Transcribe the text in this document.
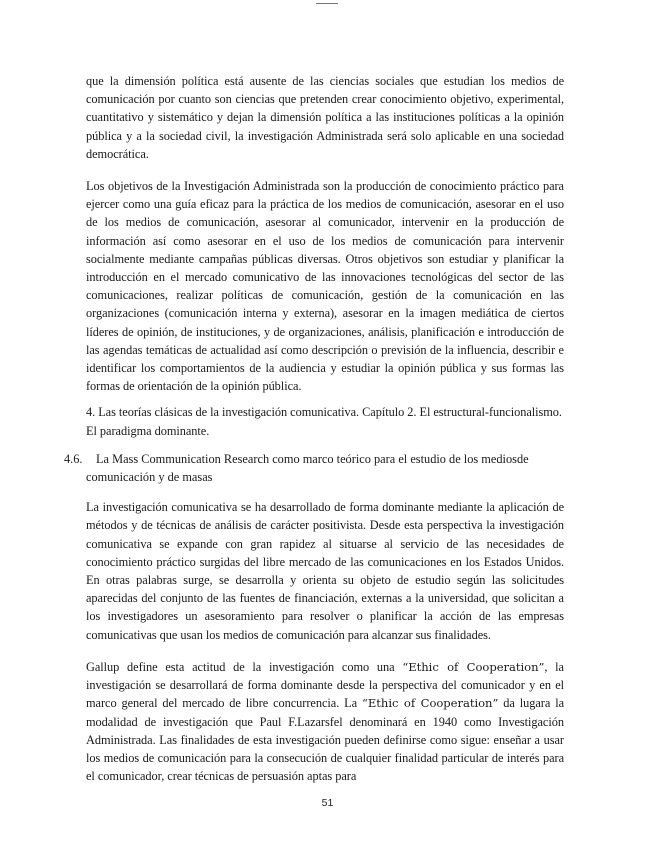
que la dimensión política está ausente de las ciencias sociales que estudian los medios de comunicación por cuanto son ciencias que pretenden crear conocimiento objetivo, experimental, cuantitativo y sistemático y dejan la dimensión política a las instituciones políticas a la opinión pública y a la sociedad civil, la investigación Administrada será solo aplicable en una sociedad democrática.

Los objetivos de la Investigación Administrada son la producción de conocimiento práctico para ejercer como una guía eficaz para la práctica de los medios de comunicación, asesorar en el uso de los medios de comunicación, asesorar al comunicador, intervenir en la producción de información así como asesorar en el uso de los medios de comunicación para intervenir socialmente mediante campañas públicas diversas. Otros objetivos son estudiar y planificar la introducción en el mercado comunicativo de las innovaciones tecnológicas del sector de las comunicaciones, realizar políticas de comunicación, gestión de la comunicación en las organizaciones (comunicación interna y externa), asesorar en la imagen mediática de ciertos líderes de opinión, de instituciones, y de organizaciones, análisis, planificación e introducción de las agendas temáticas de actualidad así como descripción o previsión de la influencia, describir e identificar los comportamientos de la audiencia y estudiar la opinión pública y sus formas las formas de orientación de la opinión pública.

4. Las teorías clásicas de la investigación comunicativa. Capítulo 2. El estructural-funcionalismo. El paradigma dominante.

4.6. La Mass Communication Research como marco teórico para el estudio de los mediosde comunicación y de masas

La investigación comunicativa se ha desarrollado de forma dominante mediante la aplicación de métodos y de técnicas de análisis de carácter positivista. Desde esta perspectiva la investigación comunicativa se expande con gran rapidez al situarse al servicio de las necesidades de conocimiento práctico surgidas del libre mercado de las comunicaciones en los Estados Unidos. En otras palabras surge, se desarrolla y orienta su objeto de estudio según las solicitudes aparecidas del conjunto de las fuentes de financiación, externas a la universidad, que solicitan a los investigadores un asesoramiento para resolver o planificar la acción de las empresas comunicativas que usan los medios de comunicación para alcanzar sus finalidades.

Gallup define esta actitud de la investigación como una “Ethic of Cooperation”, la investigación se desarrollará de forma dominante desde la perspectiva del comunicador y en el marco general del mercado de libre concurrencia. La “Ethic of Cooperation” da lugara la modalidad de investigación que Paul F.Lazarsfel denominará en 1940 como Investigación Administrada. Las finalidades de esta investigación pueden definirse como sigue: enseñar a usar los medios de comunicación para la consecución de cualquier finalidad particular de interés para el comunicador, crear técnicas de persuasión aptas para

51
